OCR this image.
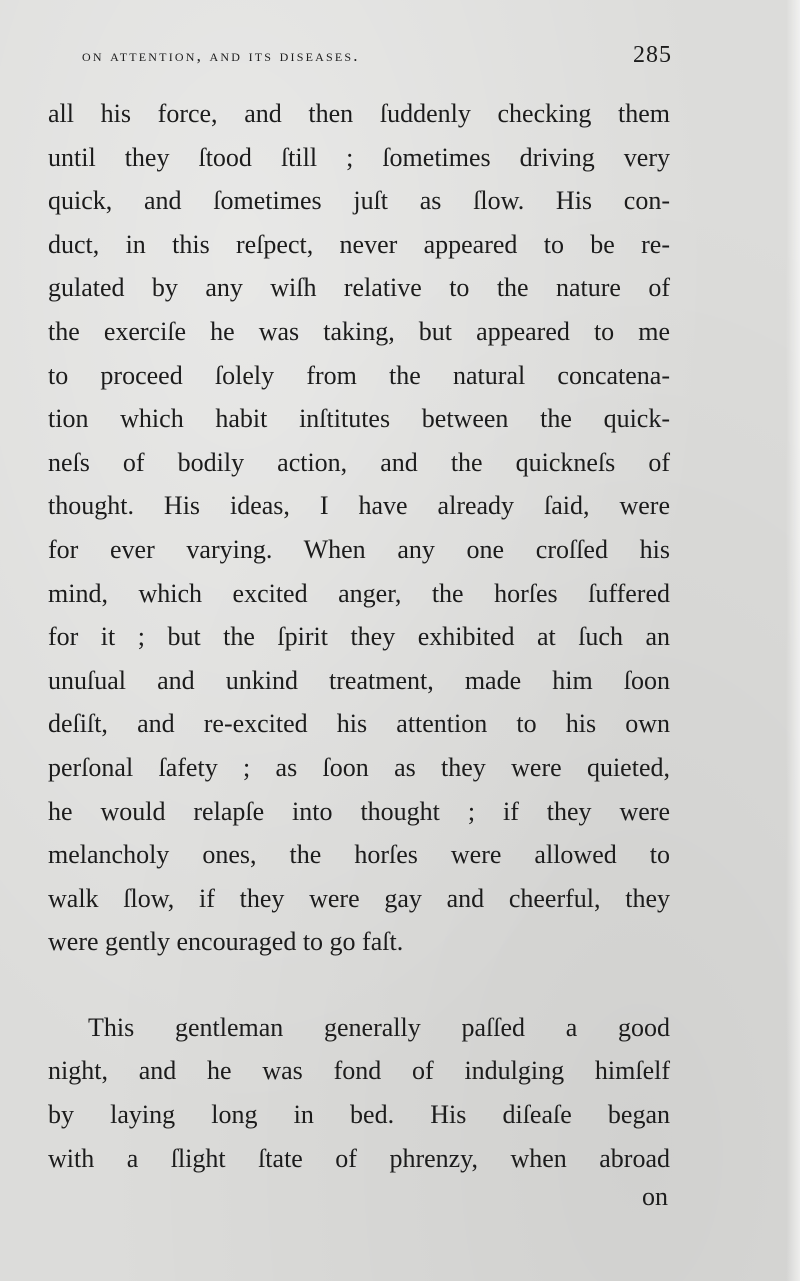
on attention, and its diseases.	285
all his force, and then ſuddenly checking them
until they ſtood ſtill ; ſometimes driving very
quick, and ſometimes juſt as ſlow. His con-
duct, in this reſpect, never appeared to be re-
gulated by any wiſh relative to the nature of
the exerciſe he was taking, but appeared to me
to proceed ſolely from the natural concatena-
tion which habit inſtitutes between the quick-
neſs of bodily action, and the quickneſs of
thought. His ideas, I have already ſaid, were
for ever varying. When any one croſſed his
mind, which excited anger, the horſes ſuffered
for it ; but the ſpirit they exhibited at ſuch an
unuſual and unkind treatment, made him ſoon
deſiſt, and re-excited his attention to his own
perſonal ſafety ; as ſoon as they were quieted,
he would relapſe into thought ; if they were
melancholy ones, the horſes were allowed to
walk ſlow, if they were gay and cheerful, they
were gently encouraged to go faſt.
This gentleman generally paſſed a good
night, and he was fond of indulging himſelf
by laying long in bed. His diſeaſe began
with a ſlight ſtate of phrenzy, when abroad
on
